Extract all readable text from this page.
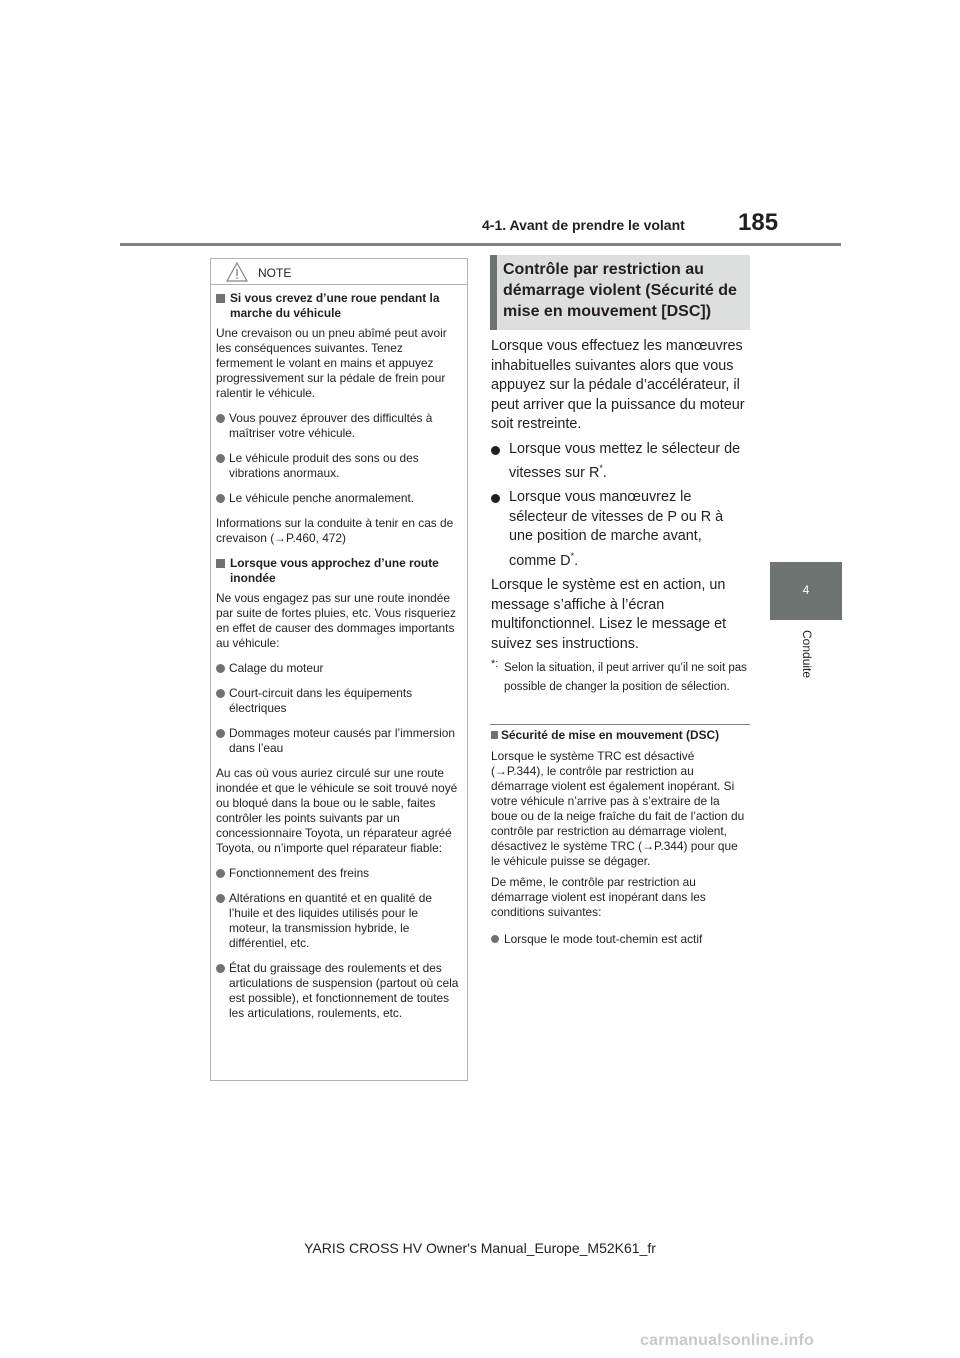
4-1. Avant de prendre le volant 185
4
Conduite
NOTE

Si vous crevez d’une roue pendant la marche du véhicule

Une crevaison ou un pneu abîmé peut avoir les conséquences suivantes. Tenez fermement le volant en mains et appuyez progressivement sur la pédale de frein pour ralentir le véhicule.

Vous pouvez éprouver des difficultés à maîtriser votre véhicule.

Le véhicule produit des sons ou des vibrations anormaux.

Le véhicule penche anormalement.

Informations sur la conduite à tenir en cas de crevaison (→P.460, 472)

Lorsque vous approchez d’une route inondée

Ne vous engagez pas sur une route inondée par suite de fortes pluies, etc. Vous risqueriez en effet de causer des dommages importants au véhicule:

Calage du moteur

Court-circuit dans les équipements électriques

Dommages moteur causés par l’immersion dans l’eau

Au cas où vous auriez circulé sur une route inondée et que le véhicule se soit trouvé noyé ou bloqué dans la boue ou le sable, faites contrôler les points suivants par un concessionnaire Toyota, un réparateur agréé Toyota, ou n’importe quel réparateur fiable:

Fonctionnement des freins

Altérations en quantité et en qualité de l’huile et des liquides utilisés pour le moteur, la transmission hybride, le différentiel, etc.

État du graissage des roulements et des articulations de suspension (partout où cela est possible), et fonctionnement de toutes les articulations, roulements, etc.

Contrôle par restriction au démarrage violent (Sécurité de mise en mouvement [DSC])

Lorsque vous effectuez les manœuvres inhabituelles suivantes alors que vous appuyez sur la pédale d’accélérateur, il peut arriver que la puissance du moteur soit restreinte.

Lorsque vous mettez le sélecteur de vitesses sur R*.

Lorsque vous manœuvrez le sélecteur de vitesses de P ou R à une position de marche avant, comme D*.

Lorsque le système est en action, un message s’affiche à l’écran multifonctionnel. Lisez le message et suivez ses instructions.

*: Selon la situation, il peut arriver qu’il ne soit pas possible de changer la position de sélection.

Sécurité de mise en mouvement (DSC)

Lorsque le système TRC est désactivé (→P.344), le contrôle par restriction au démarrage violent est également inopérant. Si votre véhicule n’arrive pas à s’extraire de la boue ou de la neige fraîche du fait de l’action du contrôle par restriction au démarrage violent, désactivez le système TRC (→P.344) pour que le véhicule puisse se dégager.

De même, le contrôle par restriction au démarrage violent est inopérant dans les conditions suivantes:

Lorsque le mode tout-chemin est actif

YARIS CROSS HV Owner's Manual_Europe_M52K61_fr
carmanualsonline.info
